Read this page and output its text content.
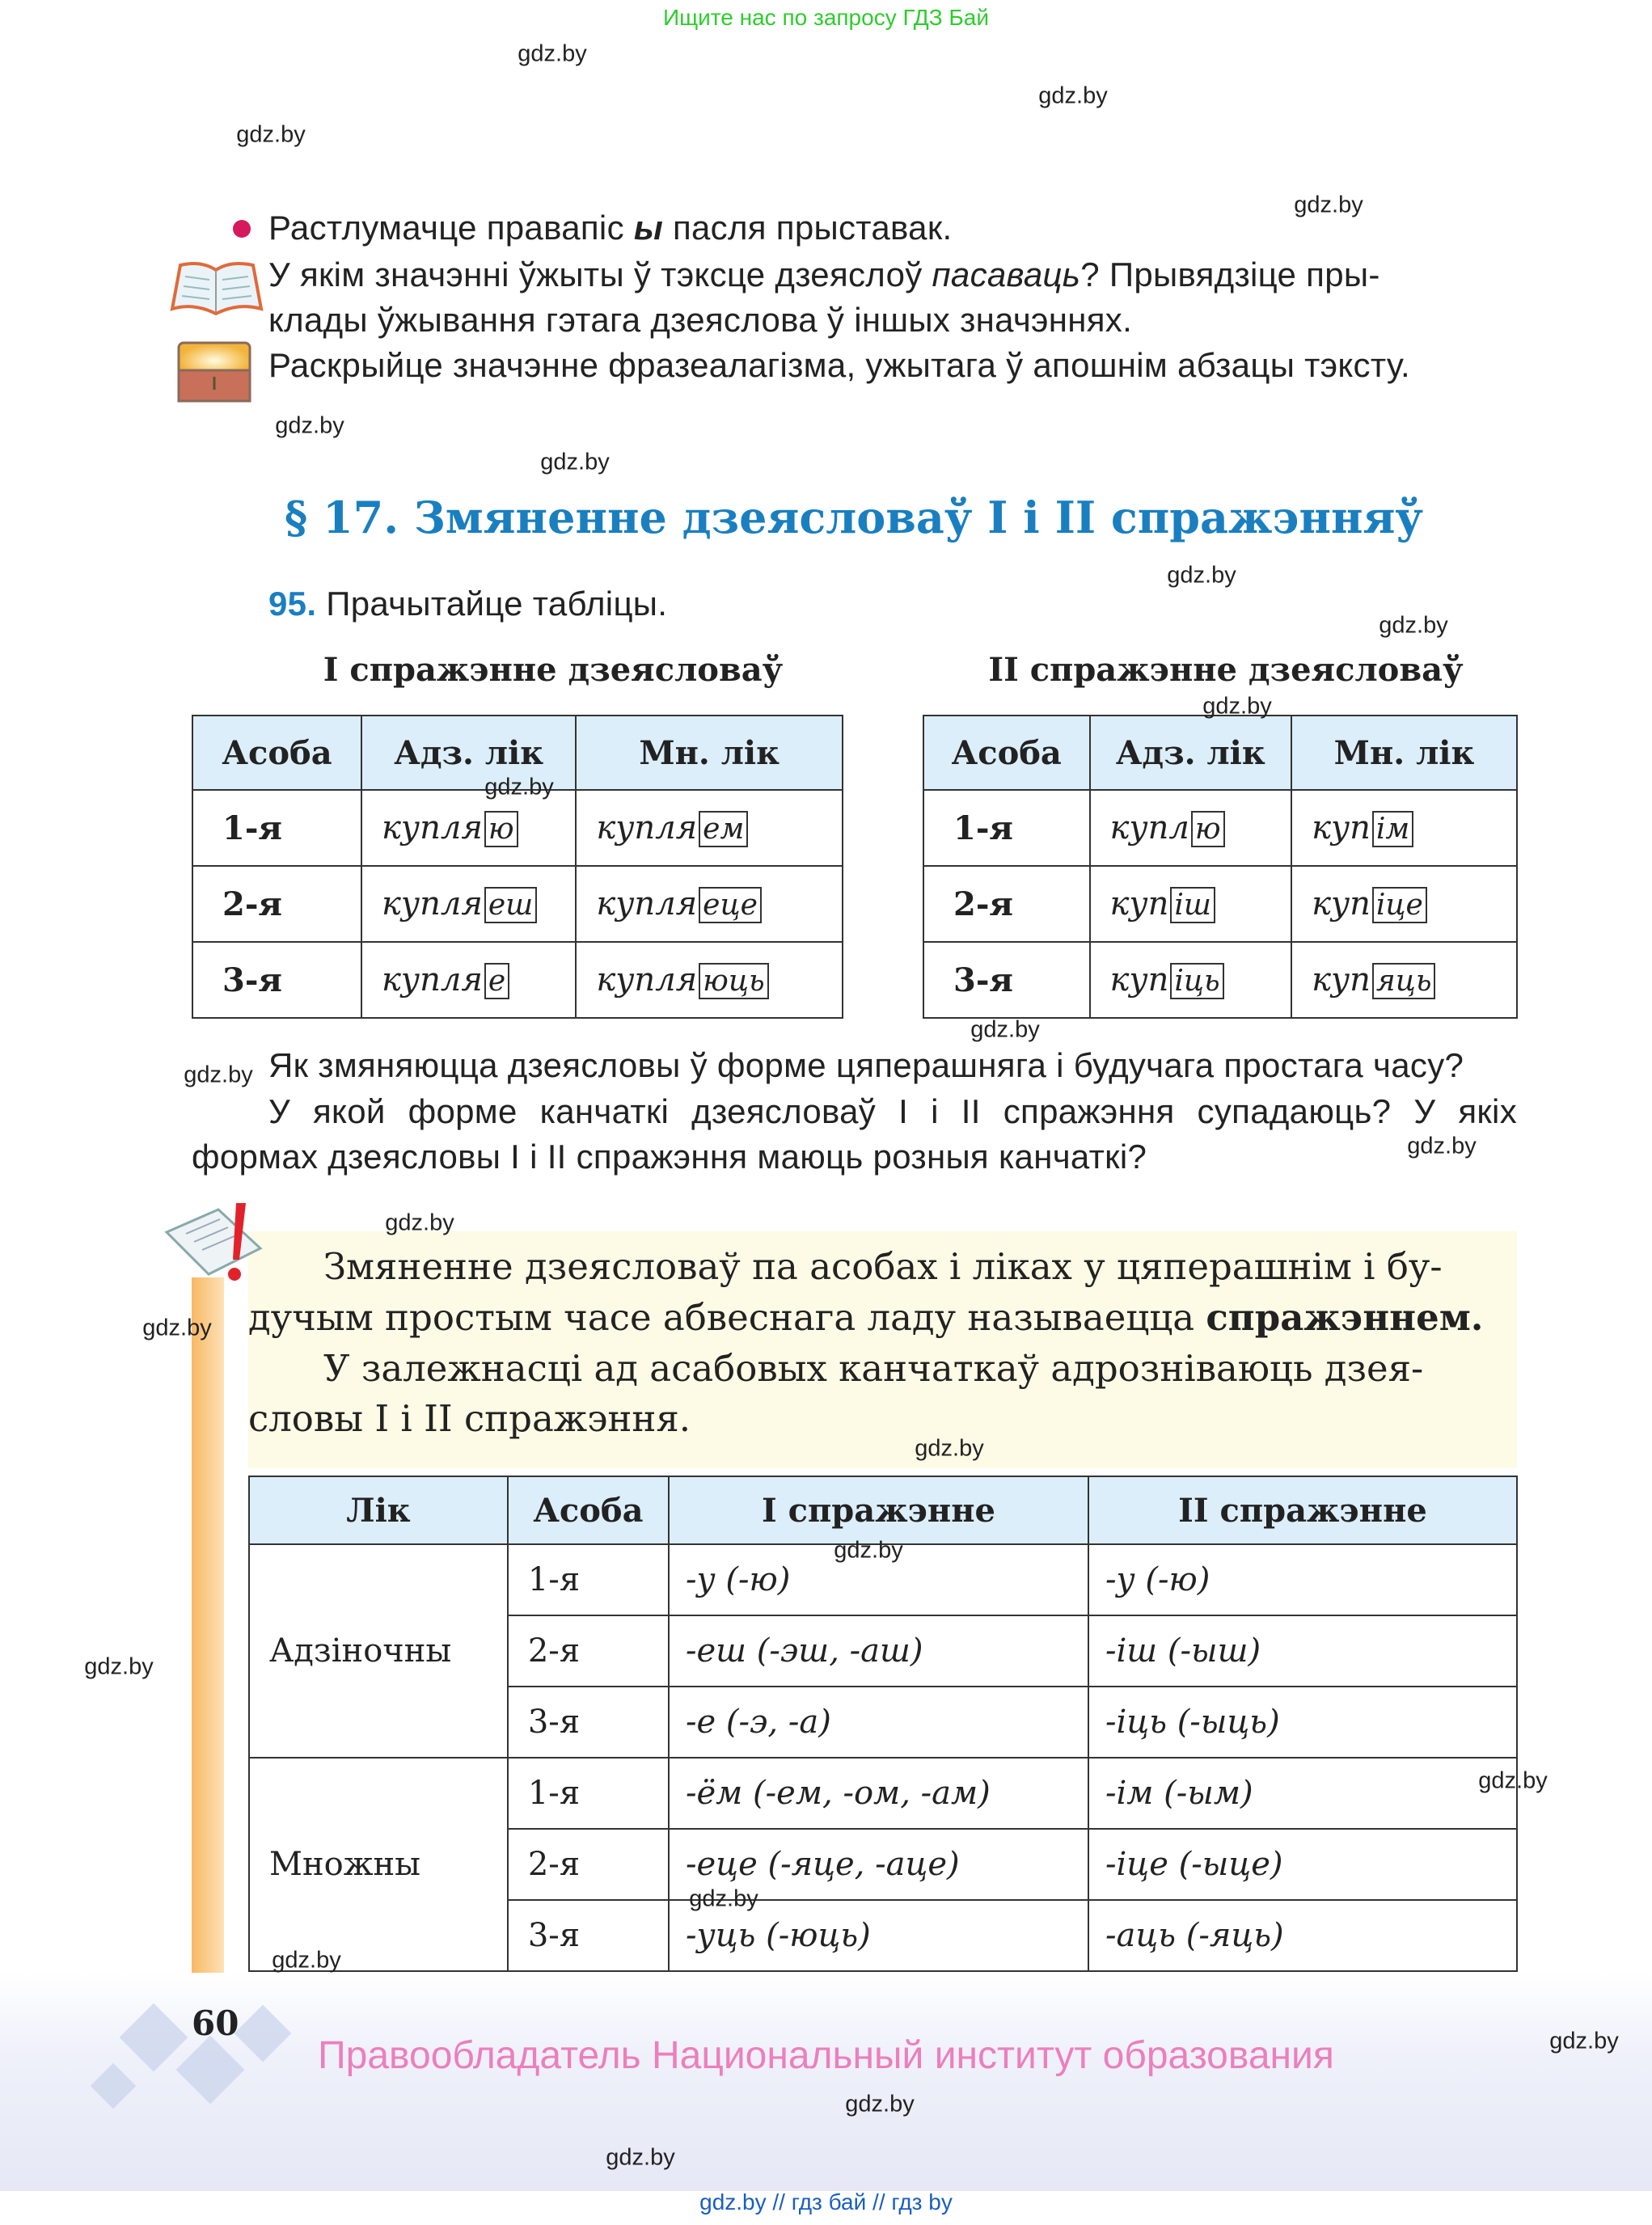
Ищите нас по запросу ГДЗ Бай
gdz.by
gdz.by
gdz.by
gdz.by
gdz.by
gdz.by
gdz.by
gdz.by
gdz.by
gdz.by
gdz.by
gdz.by
gdz.by
gdz.by
gdz.by
gdz.by
gdz.by
gdz.by
gdz.by
gdz.by
gdz.by
gdz.by
gdz.by
gdz.by
Растлумачце правапіс ы пасля прыставак.
У якім значэнні ўжыты ў тэксце дзеяслоў пасаваць? Прывядзіце пры-
клады ўжывання гэтага дзеяслова ў іншых значэннях.
Раскрыйце значэнне фразеалагізма, ужытага ў апошнім абзацы тэксту.
§ 17. Змяненне дзеясловаў I і II спражэнняў
95. Прачытайце табліцы.
I спражэнне дзеясловаў	II спражэнне дзеясловаў
Асоба	Адз. лік	Мн. лік
1-я	купля ю	купля ем
2-я	купля еш	купля еце
3-я	купля е	купля юць
Асоба	Адз. лік	Мн. лік
1-я	купл ю	куп ім
2-я	куп іш	куп іце
3-я	куп іць	куп яць
Як змяняюцца дзеясловы ў форме цяперашняга і будучага простага часу?
У якой форме канчаткі дзеясловаў I і II спражэння супадаюць? У якіх
формах дзеясловы I і II спражэння маюць розныя канчаткі?
Змяненне дзеясловаў па асобах і ліках у цяперашнім і бу-
дучым простым часе абвеснага ладу называецца спражэннем.
У залежнасці ад асабовых канчаткаў адрозніваюць дзея-
словы I і II спражэння.
Лік	Асоба	I спражэнне	II спражэнне
Адзіночны	1-я	-у (-ю)	-у (-ю)
	2-я	-еш (-эш, -аш)	-іш (-ыш)
	3-я	-е (-э, -а)	-іць (-ыць)
Множны	1-я	-ём (-ем, -ом, -ам)	-ім (-ым)
	2-я	-еце (-яце, -аце)	-іце (-ыце)
	3-я	-уць (-юць)	-аць (-яць)
60
Правообладатель Национальный институт образования
gdz.by // гдз бай // гдз by
